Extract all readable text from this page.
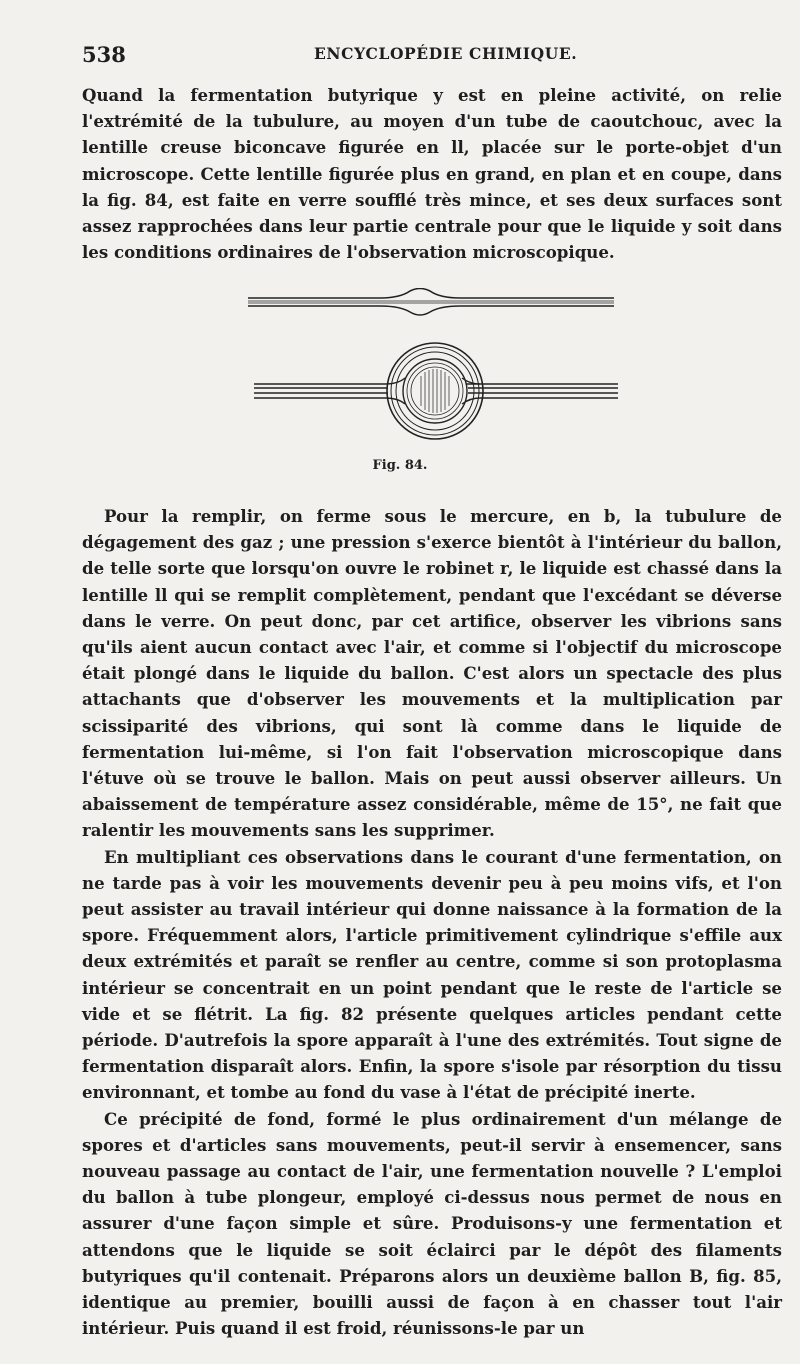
538	ENCYCLOPÉDIE CHIMIQUE.

Quand la fermentation butyrique y est en pleine activité, on relie l'extrémité de la tubulure, au moyen d'un tube de caoutchouc, avec la lentille creuse biconcave figurée en ll, placée sur le porte-objet d'un microscope. Cette lentille figurée plus en grand, en plan et en coupe, dans la fig. 84, est faite en verre soufflé très mince, et ses deux surfaces sont assez rapprochées dans leur partie centrale pour que le liquide y soit dans les conditions ordinaires de l'observation microscopique.

Fig. 84.

Pour la remplir, on ferme sous le mercure, en b, la tubulure de dégagement des gaz ; une pression s'exerce bientôt à l'intérieur du ballon, de telle sorte que lorsqu'on ouvre le robinet r, le liquide est chassé dans la lentille ll qui se remplit complètement, pendant que l'excédant se déverse dans le verre. On peut donc, par cet artifice, observer les vibrions sans qu'ils aient aucun contact avec l'air, et comme si l'objectif du microscope était plongé dans le liquide du ballon. C'est alors un spectacle des plus attachants que d'observer les mouvements et la multiplication par scissiparité des vibrions, qui sont là comme dans le liquide de fermentation lui-même, si l'on fait l'observation microscopique dans l'étuve où se trouve le ballon. Mais on peut aussi observer ailleurs. Un abaissement de température assez considérable, même de 15°, ne fait que ralentir les mouvements sans les supprimer.

En multipliant ces observations dans le courant d'une fermentation, on ne tarde pas à voir les mouvements devenir peu à peu moins vifs, et l'on peut assister au travail intérieur qui donne naissance à la formation de la spore. Fréquemment alors, l'article primitivement cylindrique s'effile aux deux extrémités et paraît se renfler au centre, comme si son protoplasma intérieur se concentrait en un point pendant que le reste de l'article se vide et se flétrit. La fig. 82 présente quelques articles pendant cette période. D'autrefois la spore apparaît à l'une des extrémités. Tout signe de fermentation disparaît alors. Enfin, la spore s'isole par résorption du tissu environnant, et tombe au fond du vase à l'état de précipité inerte.

Ce précipité de fond, formé le plus ordinairement d'un mélange de spores et d'articles sans mouvements, peut-il servir à ensemencer, sans nouveau passage au contact de l'air, une fermentation nouvelle ? L'emploi du ballon à tube plongeur, employé ci-dessus nous permet de nous en assurer d'une façon simple et sûre. Produisons-y une fermentation et attendons que le liquide se soit éclairci par le dépôt des filaments butyriques qu'il contenait. Préparons alors un deuxième ballon B, fig. 85, identique au premier, bouilli aussi de façon à en chasser tout l'air intérieur. Puis quand il est froid, réunissons-le par un
